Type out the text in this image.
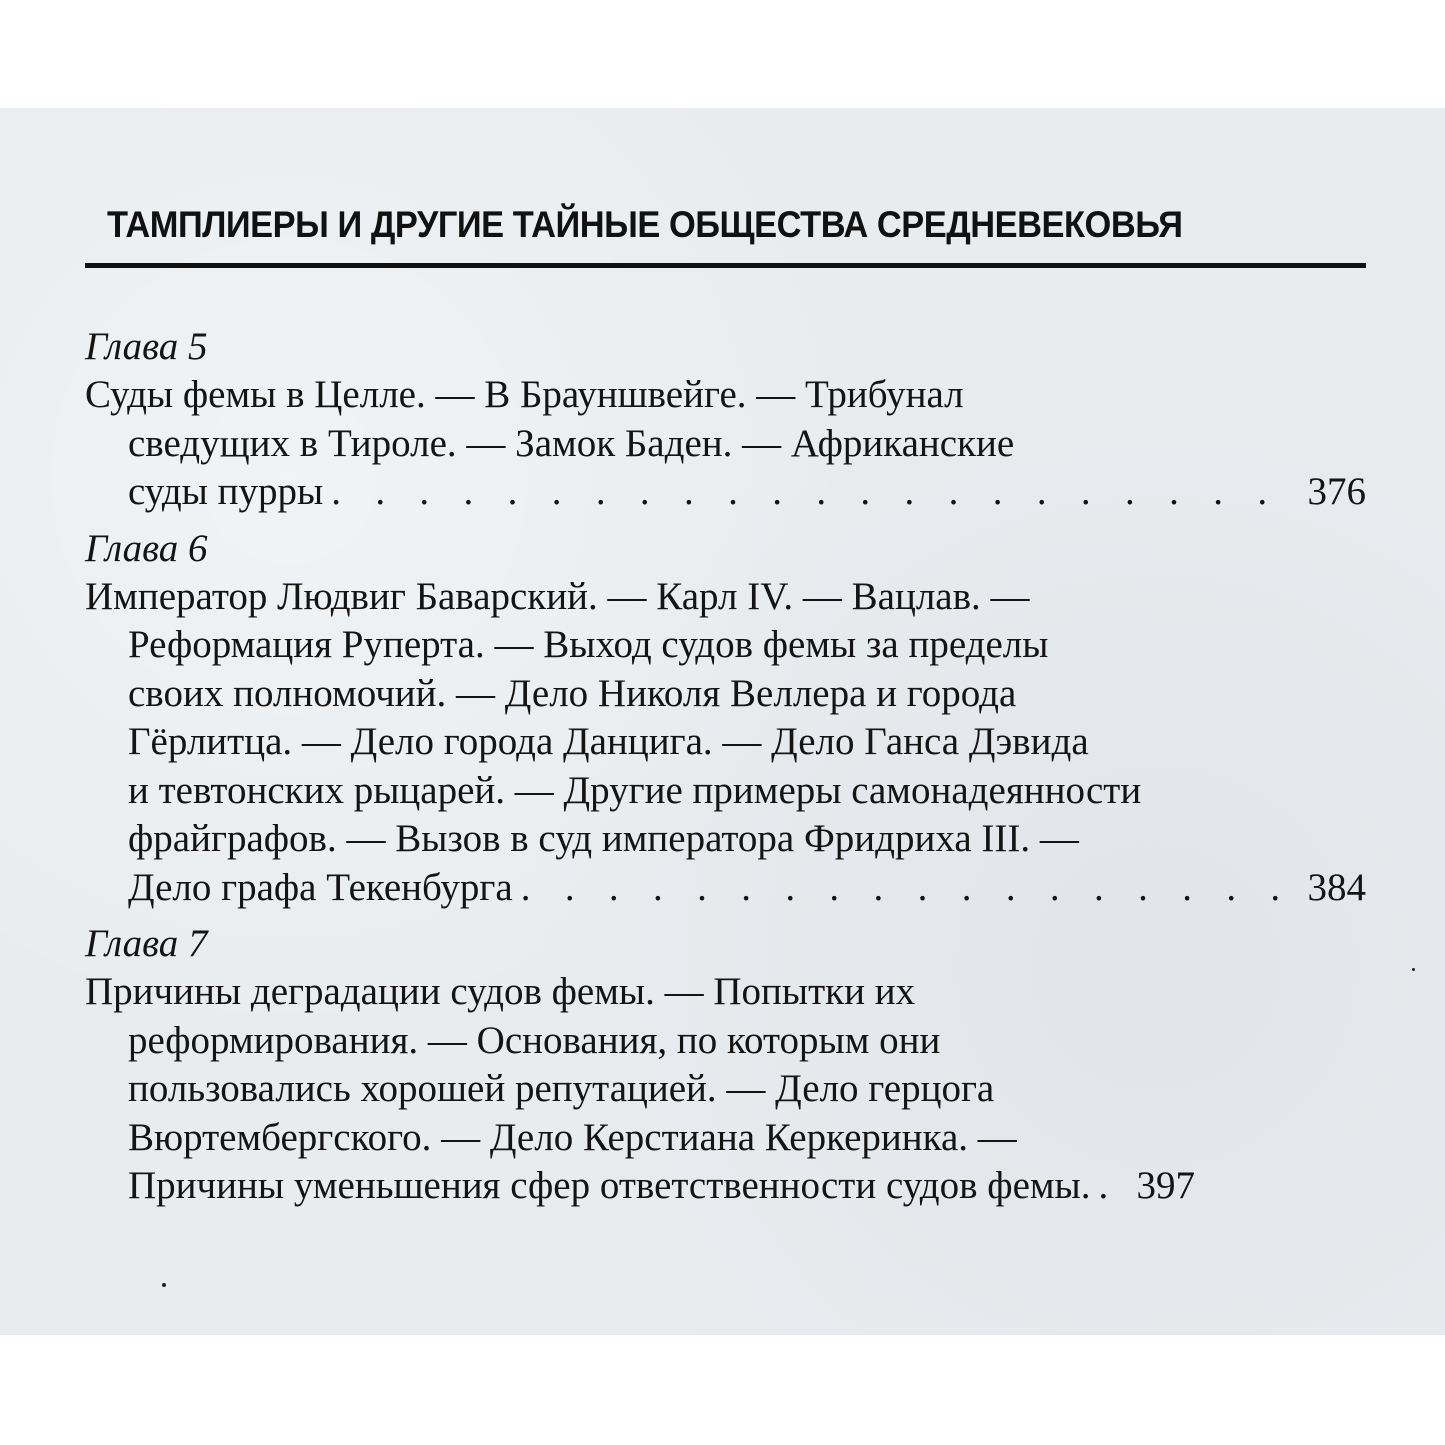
ТАМПЛИЕРЫ И ДРУГИЕ ТАЙНЫЕ ОБЩЕСТВА СРЕДНЕВЕКОВЬЯ
Глава 5
Суды фемы в Целле. — В Брауншвейге. — Трибунал
сведущих в Тироле. — Замок Баден. — Африканские
суды пурры . . .	376
Глава 6
Император Людвиг Баварский. — Карл IV. — Вацлав. —
Реформация Руперта. — Выход судов фемы за пределы
своих полномочий. — Дело Николя Веллера и города
Гёрлитца. — Дело города Данцига. — Дело Ганса Дэвида
и тевтонских рыцарей. — Другие примеры самонадеянности
фрайграфов. — Вызов в суд императора Фридриха III. —
Дело графа Текенбурга . . .	384
Глава 7
Причины деградации судов фемы. — Попытки их
реформирования. — Основания, по которым они
пользовались хорошей репутацией. — Дело герцога
Вюртембергского. — Дело Керстиана Керкеринка. —
Причины уменьшения сфер ответственности судов фемы. . . . 397
